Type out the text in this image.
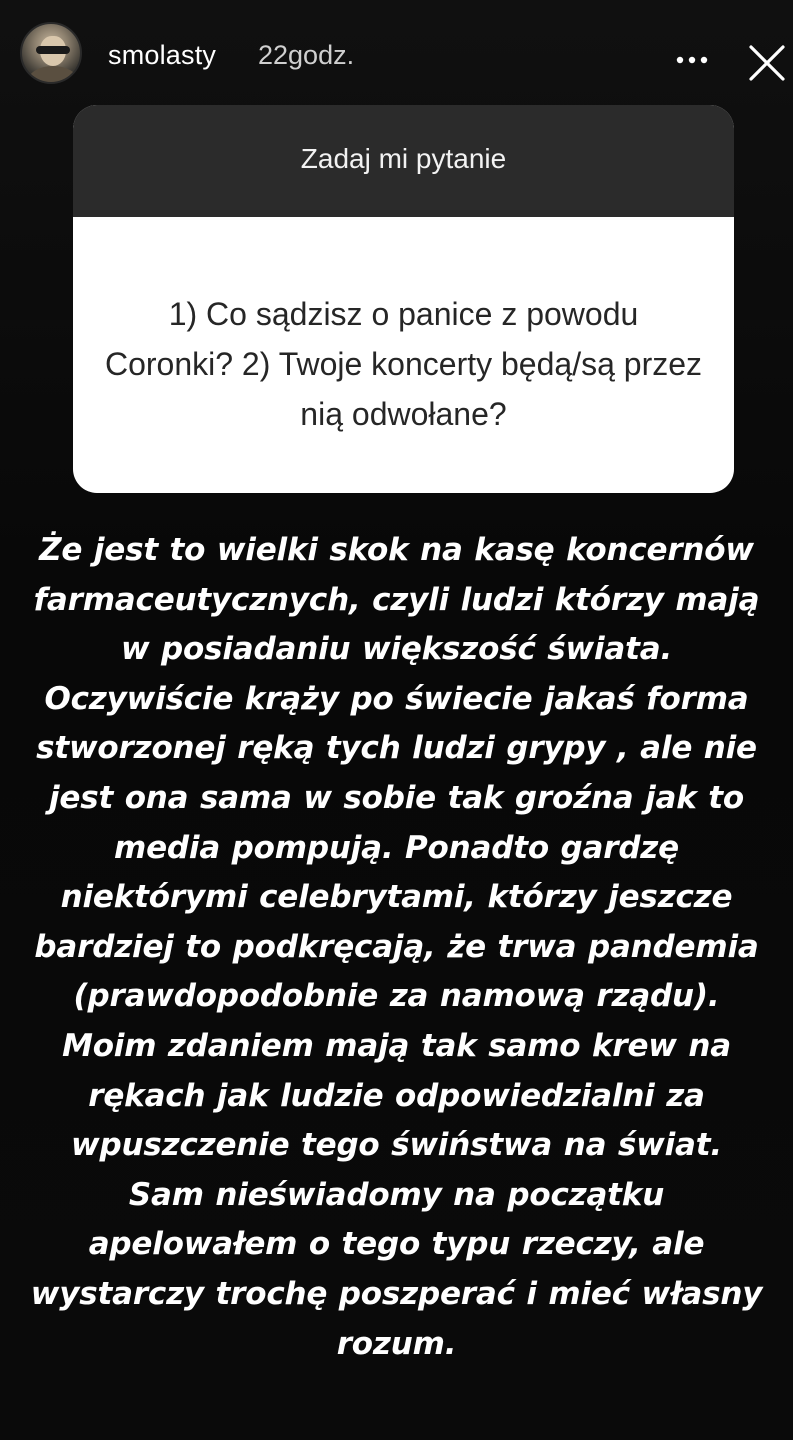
smolasty 22godz.
Zadaj mi pytanie
1) Co sądzisz o panice z powodu Coronki? 2) Twoje koncerty będą/są przez nią odwołane?
Że jest to wielki skok na kasę koncernów farmaceutycznych, czyli ludzi którzy mają w posiadaniu większość świata. Oczywiście krąży po świecie jakaś forma stworzonej ręką tych ludzi grypy , ale nie jest ona sama w sobie tak groźna jak to media pompują. Ponadto gardzę niektórymi celebrytami, którzy jeszcze bardziej to podkręcają, że trwa pandemia (prawdopodobnie za namową rządu). Moim zdaniem mają tak samo krew na rękach jak ludzie odpowiedzialni za wpuszczenie tego świństwa na świat. Sam nieświadomy na początku apelowałem o tego typu rzeczy, ale wystarczy trochę poszperać i mieć własny rozum.
